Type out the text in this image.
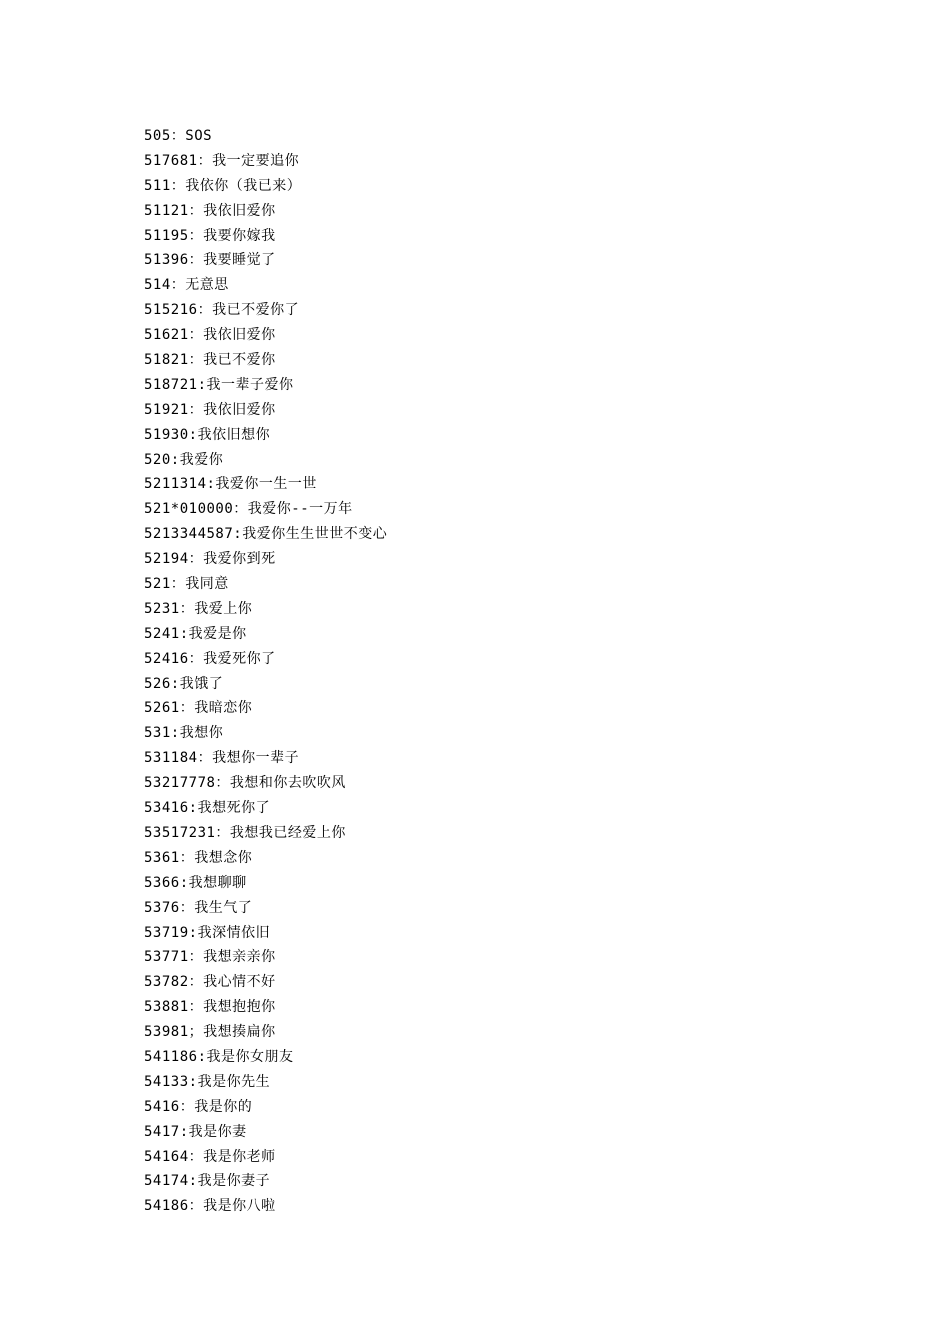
505：SOS
517681：我一定要追你
511：我依你（我已来）
51121：我依旧爱你
51195：我要你嫁我
51396：我要睡觉了
514：无意思
515216：我已不爱你了
51621：我依旧爱你
51821：我已不爱你
518721:我一辈子爱你
51921：我依旧爱你
51930:我依旧想你
520:我爱你
5211314:我爱你一生一世
521*010000：我爱你--一万年
5213344587:我爱你生生世世不变心
52194：我爱你到死
521：我同意
5231：我爱上你
5241:我爱是你
52416：我爱死你了
526:我饿了
5261：我暗恋你
531:我想你
531184：我想你一辈子
53217778：我想和你去吹吹风
53416:我想死你了
53517231：我想我已经爱上你
5361：我想念你
5366:我想聊聊
5376：我生气了
53719:我深情依旧
53771：我想亲亲你
53782：我心情不好
53881：我想抱抱你
53981；我想揍扁你
541186:我是你女朋友
54133:我是你先生
5416：我是你的
5417:我是你妻
54164：我是你老师
54174:我是你妻子
54186：我是你八啦
